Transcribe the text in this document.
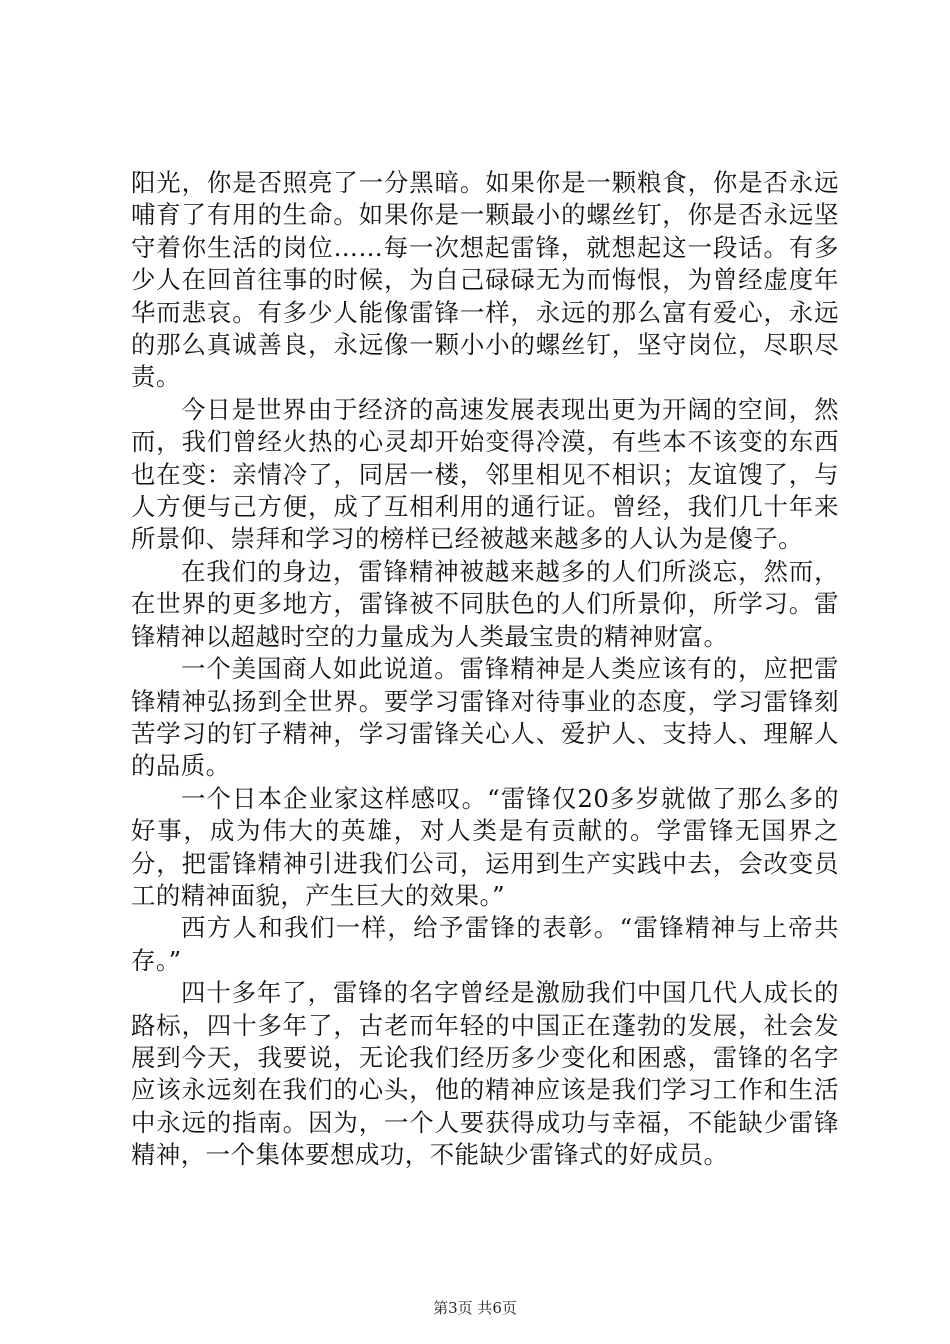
阳光，你是否照亮了一分黑暗。如果你是一颗粮食，你是否永远哺育了有用的生命。如果你是一颗最小的螺丝钉，你是否永远坚守着你生活的岗位……每一次想起雷锋，就想起这一段话。有多少人在回首往事的时候，为自己碌碌无为而悔恨，为曾经虚度年华而悲哀。有多少人能像雷锋一样，永远的那么富有爱心，永远的那么真诚善良，永远像一颗小小的螺丝钉，坚守岗位，尽职尽责。

今日是世界由于经济的高速发展表现出更为开阔的空间，然而，我们曾经火热的心灵却开始变得冷漠，有些本不该变的东西也在变：亲情冷了，同居一楼，邻里相见不相识；友谊馊了，与人方便与己方便，成了互相利用的通行证。曾经，我们几十年来所景仰、崇拜和学习的榜样已经被越来越多的人认为是傻子。

在我们的身边，雷锋精神被越来越多的人们所淡忘，然而，在世界的更多地方，雷锋被不同肤色的人们所景仰，所学习。雷锋精神以超越时空的力量成为人类最宝贵的精神财富。

一个美国商人如此说道。雷锋精神是人类应该有的，应把雷锋精神弘扬到全世界。要学习雷锋对待事业的态度，学习雷锋刻苦学习的钉子精神，学习雷锋关心人、爱护人、支持人、理解人的品质。

一个日本企业家这样感叹。“雷锋仅20多岁就做了那么多的好事，成为伟大的英雄，对人类是有贡献的。学雷锋无国界之分，把雷锋精神引进我们公司，运用到生产实践中去，会改变员工的精神面貌，产生巨大的效果。”

西方人和我们一样，给予雷锋的表彰。“雷锋精神与上帝共存。”

四十多年了，雷锋的名字曾经是激励我们中国几代人成长的路标，四十多年了，古老而年轻的中国正在蓬勃的发展，社会发展到今天，我要说，无论我们经历多少变化和困惑，雷锋的名字应该永远刻在我们的心头，他的精神应该是我们学习工作和生活中永远的指南。因为，一个人要获得成功与幸福，不能缺少雷锋精神，一个集体要想成功，不能缺少雷锋式的好成员。

第3页 共6页
